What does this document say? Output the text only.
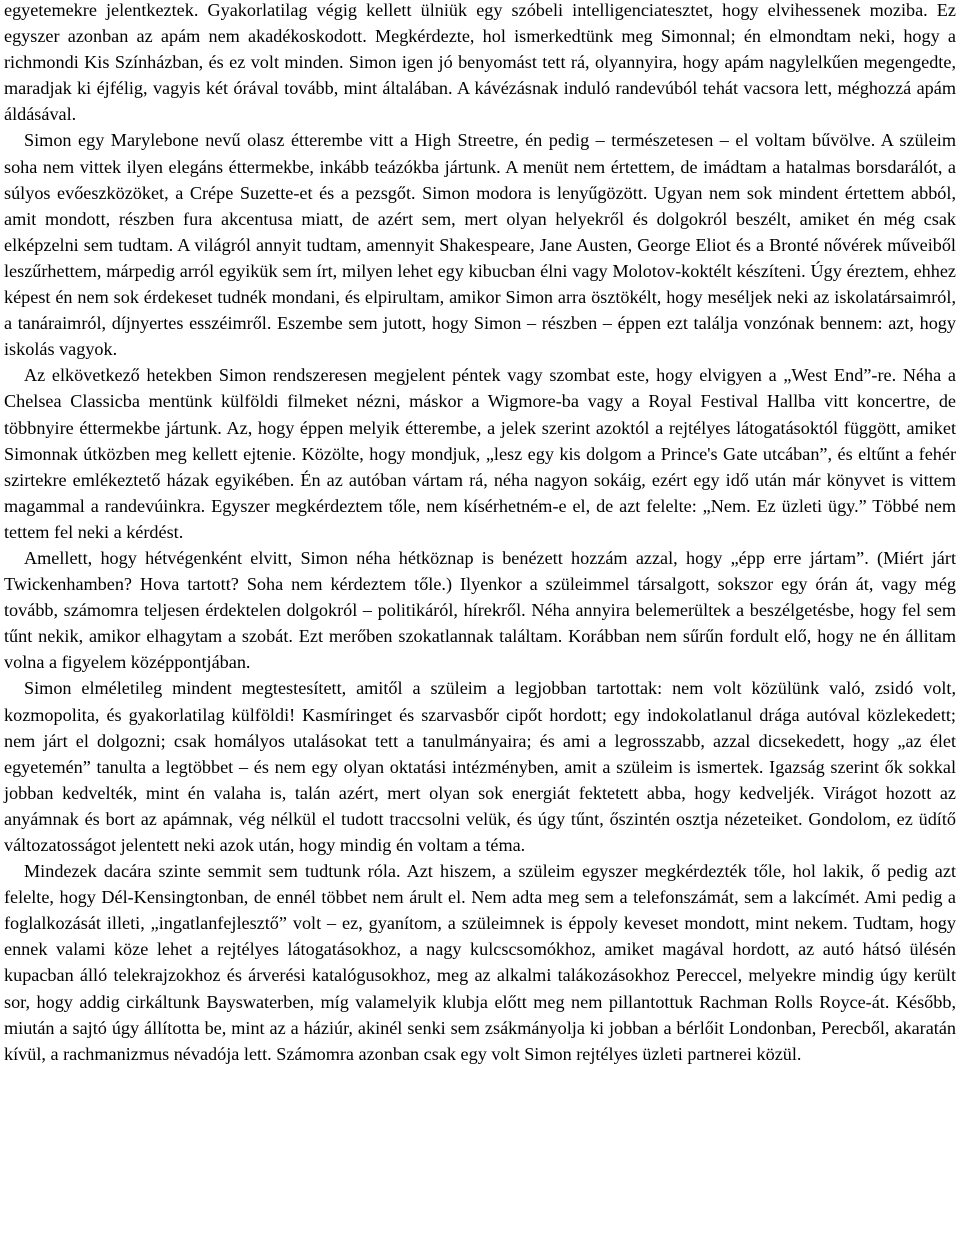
egyetemekre jelentkeztek. Gyakorlatilag végig kellett ülniük egy szóbeli intelligenciatesztet, hogy elvihessenek moziba. Ez egyszer azonban az apám nem akadékoskodott. Megkérdezte, hol ismerkedtünk meg Simonnal; én elmondtam neki, hogy a richmondi Kis Színházban, és ez volt minden. Simon igen jó benyomást tett rá, olyannyira, hogy apám nagylelkűen megengedte, maradjak ki éjfélig, vagyis két órával tovább, mint általában. A kávézásnak induló randevúból tehát vacsora lett, méghozzá apám áldásával.

Simon egy Marylebone nevű olasz étterembe vitt a High Streetre, én pedig – természetesen – el voltam bűvölve. A szüleim soha nem vittek ilyen elegáns éttermekbe, inkább teázókba jártunk. A menüt nem értettem, de imádtam a hatalmas borsdarálót, a súlyos evőeszközöket, a Crépe Suzette-et és a pezsgőt. Simon modora is lenyűgözött. Ugyan nem sok mindent értettem abból, amit mondott, részben fura akcentusa miatt, de azért sem, mert olyan helyekről és dolgokról beszélt, amiket én még csak elképzelni sem tudtam. A világról annyit tudtam, amennyit Shakespeare, Jane Austen, George Eliot és a Bronté nővérek műveiből leszűrhettem, márpedig arról egyikük sem írt, milyen lehet egy kibucban élni vagy Molotov-koktélt készíteni. Úgy éreztem, ehhez képest én nem sok érdekeset tudnék mondani, és elpirultam, amikor Simon arra ösztökélt, hogy meséljek neki az iskolatársaimról, a tanáraimról, díjnyertes esszéimről. Eszembe sem jutott, hogy Simon – részben – éppen ezt találja vonzónak bennem: azt, hogy iskolás vagyok.

Az elkövetkező hetekben Simon rendszeresen megjelent péntek vagy szombat este, hogy elvigyen a „West End”-re. Néha a Chelsea Classicba mentünk külföldi filmeket nézni, máskor a Wigmore-ba vagy a Royal Festival Hallba vitt koncertre, de többnyire éttermekbe jártunk. Az, hogy éppen melyik étterembe, a jelek szerint azoktól a rejtélyes látogatásoktól függött, amiket Simonnak útközben meg kellett ejtenie. Közölte, hogy mondjuk, „lesz egy kis dolgom a Prince's Gate utcában”, és eltűnt a fehér szirtekre emlékeztető házak egyikében. Én az autóban vártam rá, néha nagyon sokáig, ezért egy idő után már könyvet is vittem magammal a randevúinkra. Egyszer megkérdeztem tőle, nem kísérhetném-e el, de azt felelte: „Nem. Ez üzleti ügy.” Többé nem tettem fel neki a kérdést.

Amellett, hogy hétvégenként elvitt, Simon néha hétköznap is benézett hozzám azzal, hogy „épp erre jártam”. (Miért járt Twickenhamben? Hova tartott? Soha nem kérdeztem tőle.) Ilyenkor a szüleimmel társalgott, sokszor egy órán át, vagy még tovább, számomra teljesen érdektelen dolgokról – politikáról, hírekről. Néha annyira belemerültek a beszélgetésbe, hogy fel sem tűnt nekik, amikor elhagytam a szobát. Ezt merőben szokatlannak találtam. Korábban nem sűrűn fordult elő, hogy ne én állitam volna a figyelem középpontjában.

Simon elméletileg mindent megtestesített, amitől a szüleim a legjobban tartottak: nem volt közülünk való, zsidó volt, kozmopolita, és gyakorlatilag külföldi! Kasmíringet és szarvasbőr cipőt hordott; egy indokolatlanul drága autóval közlekedett; nem járt el dolgozni; csak homályos utalásokat tett a tanulmányaira; és ami a legrosszabb, azzal dicsekedett, hogy „az élet egyetemén” tanulta a legtöbbet – és nem egy olyan oktatási intézményben, amit a szüleim is ismertek. Igazság szerint ők sokkal jobban kedvelték, mint én valaha is, talán azért, mert olyan sok energiát fektetett abba, hogy kedveljék. Virágot hozott az anyámnak és bort az apámnak, vég nélkül el tudott traccsolni velük, és úgy tűnt, őszintén osztja nézeteiket. Gondolom, ez üdítő változatosságot jelentett neki azok után, hogy mindig én voltam a téma.

Mindezek dacára szinte semmit sem tudtunk róla. Azt hiszem, a szüleim egyszer megkérdezték tőle, hol lakik, ő pedig azt felelte, hogy Dél-Kensingtonban, de ennél többet nem árult el. Nem adta meg sem a telefonszámát, sem a lakcímét. Ami pedig a foglalkozását illeti, „ingatlanfejlesztő” volt – ez, gyanítom, a szüleimnek is éppoly keveset mondott, mint nekem. Tudtam, hogy ennek valami köze lehet a rejtélyes látogatásokhoz, a nagy kulcscsomókhoz, amiket magával hordott, az autó hátsó ülésén kupacban álló telekrajzokhoz és árverési katalógusokhoz, meg az alkalmi talákozásokhoz Pereccel, melyekre mindig úgy került sor, hogy addig cirkáltunk Bayswaterben, míg valamelyik klubja előtt meg nem pillantottuk Rachman Rolls Royce-át. Később, miután a sajtó úgy állította be, mint az a háziúr, akinél senki sem zsákmányolja ki jobban a bérlőit Londonban, Perecből, akaratán kívül, a rachmanizmus névadója lett. Számomra azonban csak egy volt Simon rejtélyes üzleti partnerei közül.
